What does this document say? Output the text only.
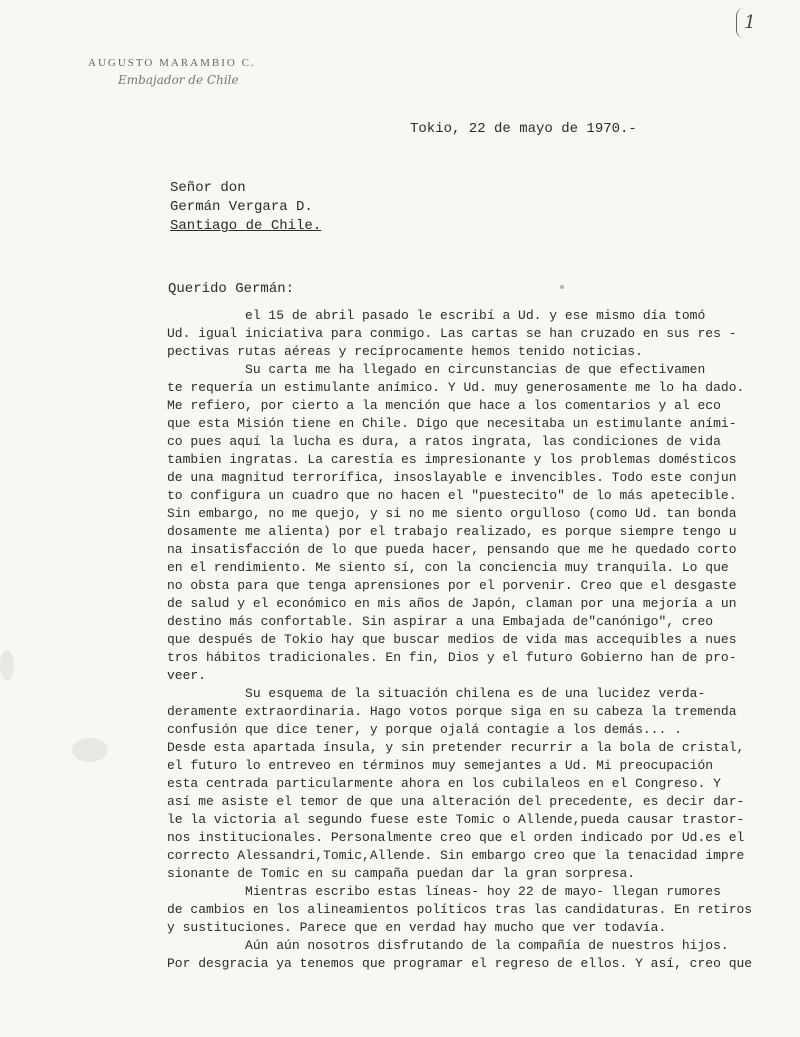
1
AUGUSTO MARAMBIO C.
Embajador de Chile
Tokio, 22 de mayo de 1970.-
Señor don
Germán Vergara D.
Santiago de Chile.
Querido Germán:
el 15 de abril pasado le escribí a Ud. y ese mismo día tomó
Ud. igual iniciativa para conmigo. Las cartas se han cruzado en sus res -
pectivas rutas aéreas y recíprocamente hemos tenido noticias.
Su carta me ha llegado en circunstancias de que efectivamen
te requería un estimulante anímico. Y Ud. muy generosamente me lo ha dado.
Me refiero, por cierto a la mención que hace a los comentarios y al eco
que esta Misión tiene en Chile. Digo que necesitaba un estimulante aními-
co pues aquí la lucha es dura, a ratos ingrata, las condiciones de vida
tambien ingratas. La carestía es impresionante y los problemas domésticos
de una magnitud terrorífica, insoslayable e invencibles. Todo este conjun
to configura un cuadro que no hacen el "puestecito" de lo más apetecible.
Sin embargo, no me quejo, y si no me siento orgulloso (como Ud. tan bonda
dosamente me alienta) por el trabajo realizado, es porque siempre tengo u
na insatisfacción de lo que pueda hacer, pensando que me he quedado corto
en el rendimiento. Me siento sí, con la conciencia muy tranquila. Lo que
no obsta para que tenga aprensiones por el porvenir. Creo que el desgaste
de salud y el económico en mis años de Japón, claman por una mejoría a un
destino más confortable. Sin aspirar a una Embajada de"canónigo", creo
que después de Tokio hay que buscar medios de vida mas accequibles a nues
tros hábitos tradicionales. En fin, Dios y el futuro Gobierno han de pro-
veer.
Su esquema de la situación chilena es de una lucidez verda-
deramente extraordinaria. Hago votos porque siga en su cabeza la tremenda
confusión que dice tener, y porque ojalá contagie a los demás... .
Desde esta apartada ínsula, y sin pretender recurrir a la bola de cristal,
el futuro lo entreveo en términos muy semejantes a Ud. Mi preocupación
esta centrada particularmente ahora en los cubilaleos en el Congreso. Y
así me asiste el temor de que una alteración del precedente, es decir dar-
le la victoria al segundo fuese este Tomic o Allende,pueda causar trastor-
nos institucionales. Personalmente creo que el orden indicado por Ud.es el
correcto Alessandri,Tomic,Allende. Sin embargo creo que la tenacidad impre
sionante de Tomic en su campaña puedan dar la gran sorpresa.
Mientras escribo estas líneas- hoy 22 de mayo- llegan rumores
de cambios en los alineamientos políticos tras las candidaturas. En retiros
y sustituciones. Parece que en verdad hay mucho que ver todavía.
Aún aún nosotros disfrutando de la compañía de nuestros hijos.
Por desgracia ya tenemos que programar el regreso de ellos. Y así, creo que
